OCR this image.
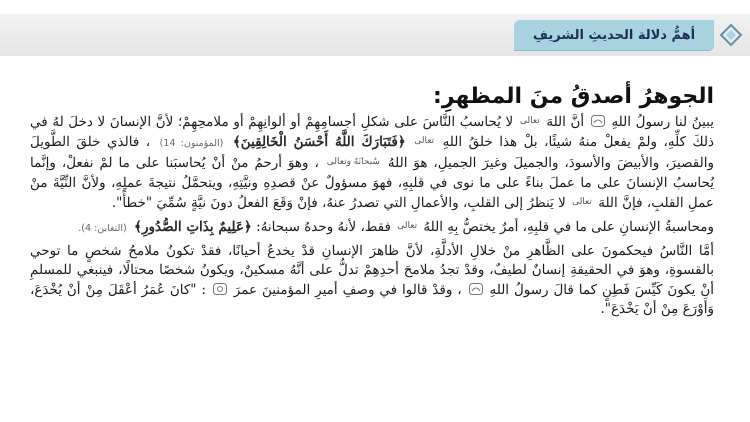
أهمُّ دلالة الحديثِ الشريفِ
الجوهرُ أصدقُ منَ المظهرِ:

يبينُ لنا رسولُ اللهِ  أنَّ اللهَ تعالى لا يُحاسبُ النَّاسَ على شكلِ أجسامِهِمْ أو ألوانِهِمْ أو ملامحِهِمْ؛ لأنَّ الإنسانَ لا دخلَ لهُ في ذلكَ كلِّهِ، ولمْ يفعلْ منهُ شيئًا، بلْ هذا خلقُ اللهِ تعالى ﴿فَتَبَارَكَ اللَّهُ أَحْسَنُ الْخَالِقِينَ﴾ (المؤمنون: 14) ، فالذي خلقَ الطَّويلَ والقصيرَ، والأبيضَ والأسودَ، والجميلَ وغيرَ الجميلِ، هوَ اللهُ سُبحانَهُ وتعالى ، وهوَ أرحمُ منْ أنْ يُحاسبَنا على ما لمْ نفعلْ، وإنَّما يُحاسبُ الإنسانَ على ما عملَ بناءً على ما نوى في قلبِهِ، فهوَ مسؤولٌ عنْ قصدِهِ ونيَّتِهِ، ويتحمَّلُ نتيجةَ عملِهِ، ولأنَّ النِّيَّةَ منْ عملِ القلبِ، فإنَّ اللهَ تعالى لا يَنظرُ إلى القلبِ، والأعمالِ التي تصدرُ عنهُ، فإنْ وَقَعَ الفعلُ دونَ نيَّةٍ سُمِّيَ "خطأً".

ومحاسبةُ الإنسانِ على ما في قلبِهِ، أمرٌ يختصُّ بِهِ اللهُ تعالى فقط، لأنهُ وحدهُ سبحانهُ: ﴿عَلِيمٌ بِذَاتِ الصُّدُورِ﴾ (التغابن: 4).

أمَّا النَّاسُ فيحكمونَ على الظَّاهرِ منْ خلالِ الأدلَّةِ، لأنَّ ظاهرَ الإنسانِ قدْ يخدعُ أحيانًا، فقدْ تكونُ ملامحُ شخصٍ ما توحي بالقسوةِ، وهوَ في الحقيقةِ إنسانٌ لطيفٌ، وقدْ تجدُ ملامحَ أحدِهِمْ تدلُّ على أنَّهُ مسكينٌ، ويكونُ شخصًا محتالًا، فينبغي للمسلمِ أنْ يكونَ كَيِّسَ فَطِنٍ كما قالَ رسولُ اللهِ  ، وقدْ قالوا في وصفِ أميرِ المؤمنينَ عمرَ  : "كانَ عُمَرُ أعْقَلَ مِنْ أنْ يُخْدَعَ، وَأَوْرَعَ مِنْ أنْ يَخْدَعَ".
